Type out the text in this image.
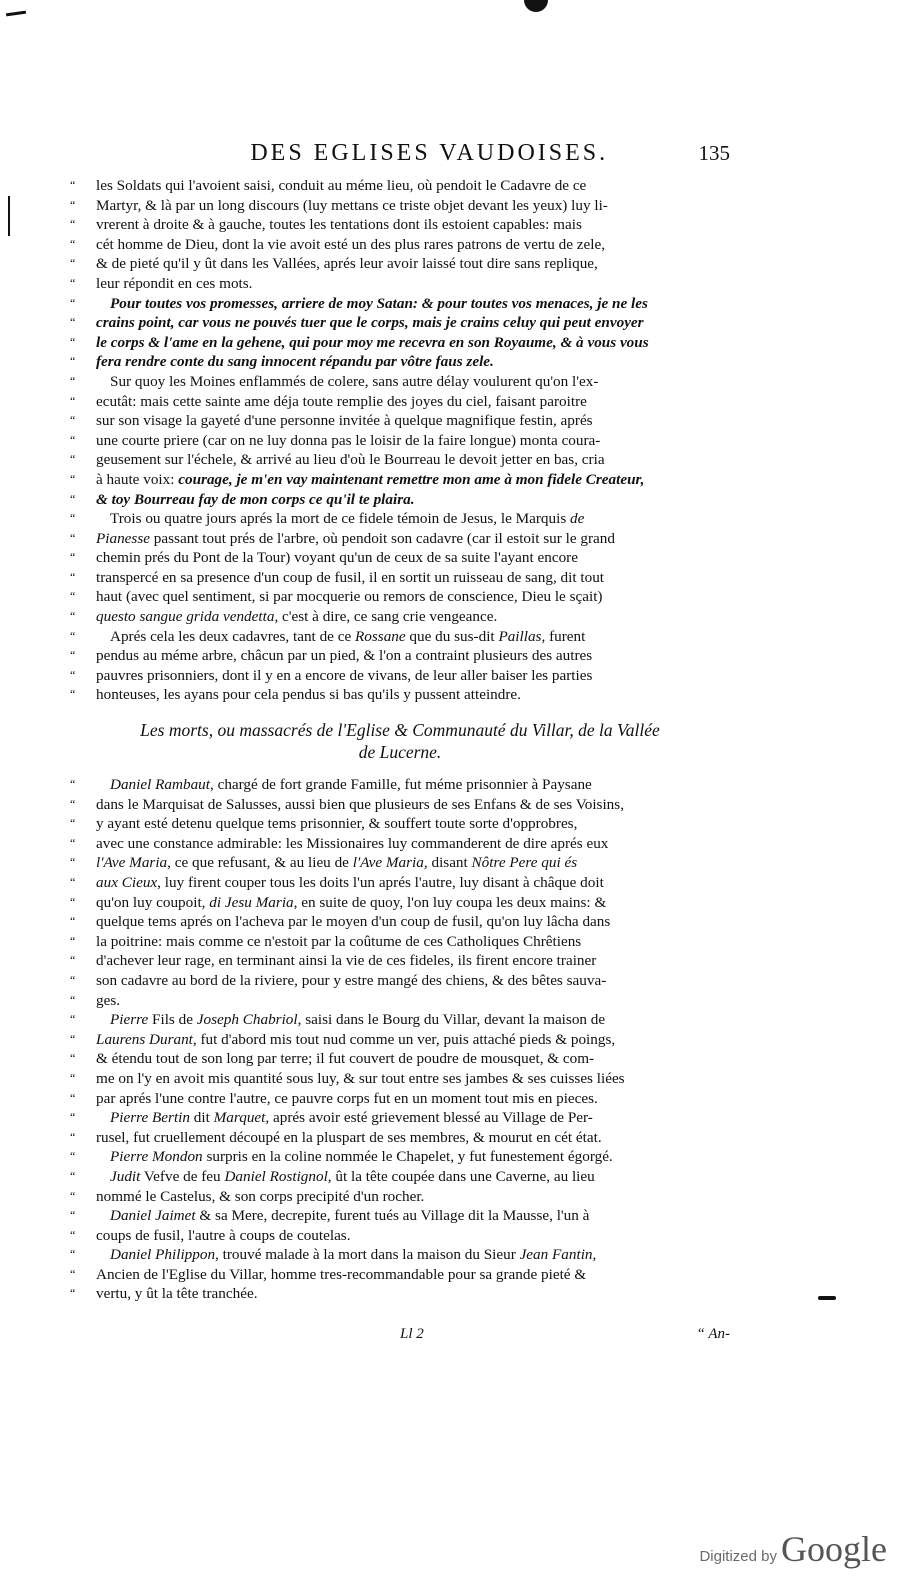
DES EGLISES VAUDOISES.	135
“	les Soldats qui l'avoient saisi, conduit au méme lieu, où pendoit le Cadavre de ce
“	Martyr, & là par un long discours (luy mettans ce triste objet devant les yeux) luy li-
“	vrerent à droite & à gauche, toutes les tentations dont ils estoient capables: mais
“	cét homme de Dieu, dont la vie avoit esté un des plus rares patrons de vertu de zele,
“	& de pieté qu'il y ût dans les Vallées, aprés leur avoir laissé tout dire sans replique,
“	leur répondit en ces mots.
“	Pour toutes vos promesses, arriere de moy Satan: & pour toutes vos menaces, je ne les
“	crains point, car vous ne pouvés tuer que le corps, mais je crains celuy qui peut envoyer
“	le corps & l'ame en la gehene, qui pour moy me recevra en son Royaume, & à vous vous
“	fera rendre conte du sang innocent répandu par vôtre faus zele.
“	Sur quoy les Moines enflammés de colere, sans autre délay voulurent qu'on l'ex-
“	ecutât: mais cette sainte ame déja toute remplie des joyes du ciel, faisant paroitre
“	sur son visage la gayeté d'une personne invitée à quelque magnifique festin, aprés
“	une courte priere (car on ne luy donna pas le loisir de la faire longue) monta coura-
“	geusement sur l'échele, & arrivé au lieu d'où le Bourreau le devoit jetter en bas, cria
“	à haute voix: courage, je m'en vay maintenant remettre mon ame à mon fidele Createur,
“	& toy Bourreau fay de mon corps ce qu'il te plaira.
“	Trois ou quatre jours aprés la mort de ce fidele témoin de Jesus, le Marquis de
“	Pianesse passant tout prés de l'arbre, où pendoit son cadavre (car il estoit sur le grand
“	chemin prés du Pont de la Tour) voyant qu'un de ceux de sa suite l'ayant encore
“	transpercé en sa presence d'un coup de fusil, il en sortit un ruisseau de sang, dit tout
“	haut (avec quel sentiment, si par mocquerie ou remors de conscience, Dieu le sçait)
“	questo sangue grida vendetta, c'est à dire, ce sang crie vengeance.
“	Aprés cela les deux cadavres, tant de ce Rossane que du sus-dit Paillas, furent
“	pendus au méme arbre, châcun par un pied, & l'on a contraint plusieurs des autres
“	pauvres prisonniers, dont il y en a encore de vivans, de leur aller baiser les parties
“	honteuses, les ayans pour cela pendus si bas qu'ils y pussent atteindre.
Les morts, ou massacrés de l'Eglise & Communauté du Villar, de la Vallée
de Lucerne.
“	Daniel Rambaut, chargé de fort grande Famille, fut méme prisonnier à Paysane
“	dans le Marquisat de Salusses, aussi bien que plusieurs de ses Enfans & de ses Voisins,
“	y ayant esté detenu quelque tems prisonnier, & souffert toute sorte d'opprobres,
“	avec une constance admirable: les Missionaires luy commanderent de dire aprés eux
“	l'Ave Maria, ce que refusant, & au lieu de l'Ave Maria, disant Nôtre Pere qui és
“	aux Cieux, luy firent couper tous les doits l'un aprés l'autre, luy disant à châque doit
“	qu'on luy coupoit, di Jesu Maria, en suite de quoy, l'on luy coupa les deux mains: &
“	quelque tems aprés on l'acheva par le moyen d'un coup de fusil, qu'on luy lâcha dans
“	la poitrine: mais comme ce n'estoit par la coûtume de ces Catholiques Chrêtiens
“	d'achever leur rage, en terminant ainsi la vie de ces fideles, ils firent encore trainer
“	son cadavre au bord de la riviere, pour y estre mangé des chiens, & des bêtes sauva-
“	ges.
“	Pierre Fils de Joseph Chabriol, saisi dans le Bourg du Villar, devant la maison de
“	Laurens Durant, fut d'abord mis tout nud comme un ver, puis attaché pieds & poings,
“	& étendu tout de son long par terre; il fut couvert de poudre de mousquet, & com-
“	me on l'y en avoit mis quantité sous luy, & sur tout entre ses jambes & ses cuisses liées
“	par aprés l'une contre l'autre, ce pauvre corps fut en un moment tout mis en pieces.
“	Pierre Bertin dit Marquet, aprés avoir esté grievement blessé au Village de Per-
“	rusel, fut cruellement découpé en la pluspart de ses membres, & mourut en cét état.
“	Pierre Mondon surpris en la coline nommée le Chapelet, y fut funestement égorgé.
“	Judit Vefve de feu Daniel Rostignol, ût la tête coupée dans une Caverne, au lieu
“	nommé le Castelus, & son corps precipité d'un rocher.
“	Daniel Jaimet & sa Mere, decrepite, furent tués au Village dit la Mausse, l'un à
“	coups de fusil, l'autre à coups de coutelas.
“	Daniel Philippon, trouvé malade à la mort dans la maison du Sieur Jean Fantin,
“	Ancien de l'Eglise du Villar, homme tres-recommandable pour sa grande pieté &
“	vertu, y ût la tête tranchée.
Ll 2	“ An-
Digitized by Google
